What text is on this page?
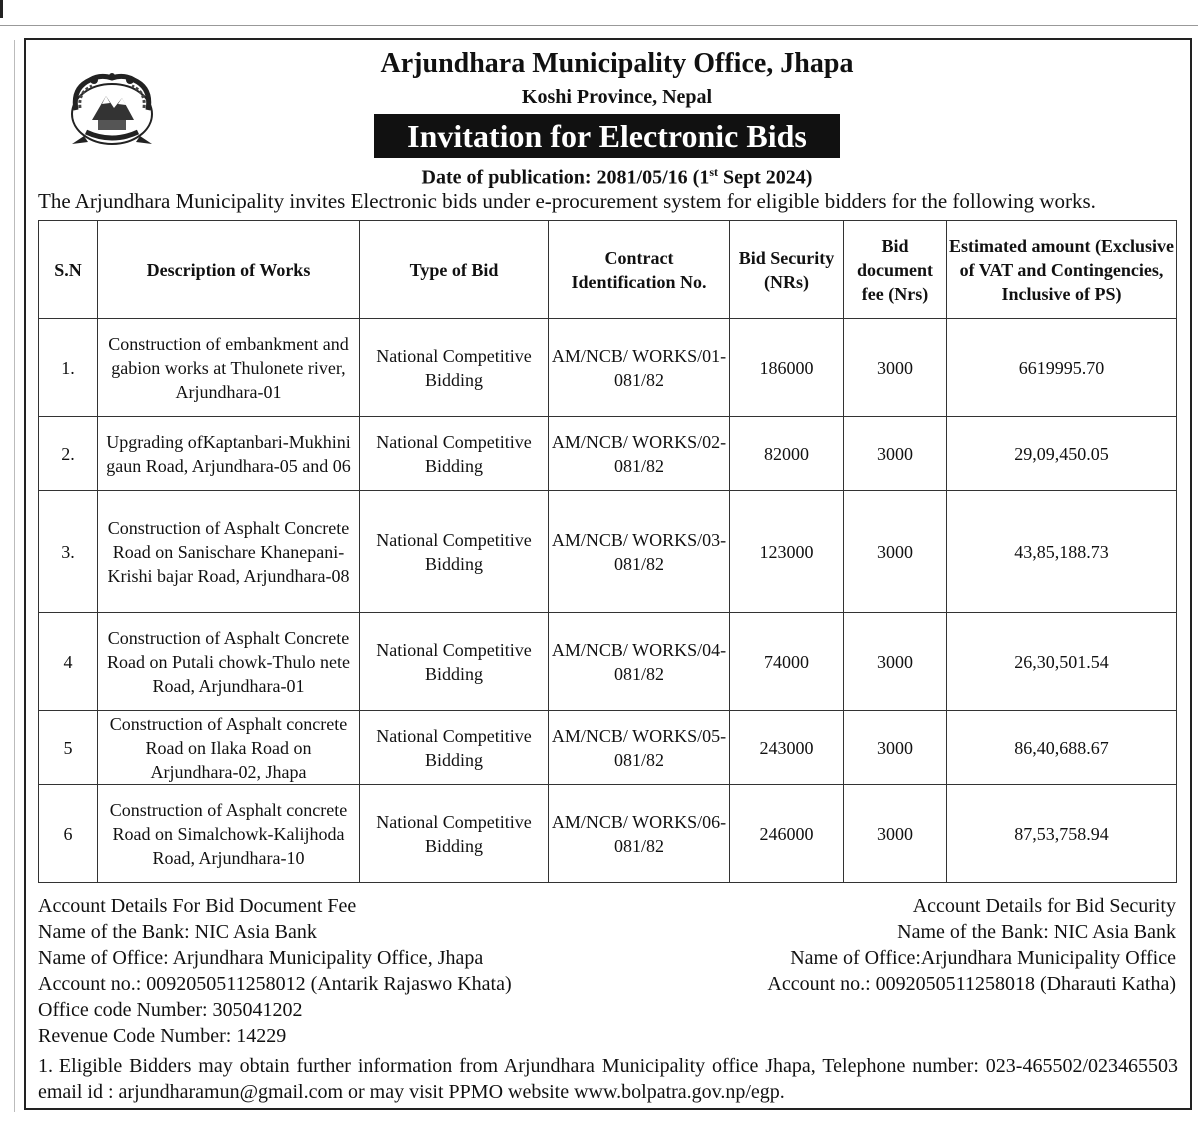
Arjundhara Municipality Office, Jhapa
Koshi Province, Nepal
Invitation for Electronic Bids
Date of publication: 2081/05/16 (1st Sept 2024)
The Arjundhara Municipality invites Electronic bids under e-procurement system for eligible bidders for the following works.
S.N	Description of Works	Type of Bid	Contract Identification No.	Bid Security (NRs)	Bid document fee (Nrs)	Estimated amount (Exclusive of VAT and Contingencies, Inclusive of PS)
1.	Construction of embankment and gabion works at Thulonete river, Arjundhara-01	National Competitive Bidding	AM/NCB/ WORKS/01-081/82	186000	3000	6619995.70
2.	Upgrading ofKaptanbari-Mukhini gaun Road, Arjundhara-05 and 06	National Competitive Bidding	AM/NCB/ WORKS/02-081/82	82000	3000	29,09,450.05
3.	Construction of Asphalt Concrete Road on Sanischare Khanepani-Krishi bajar Road, Arjundhara-08	National Competitive Bidding	AM/NCB/ WORKS/03-081/82	123000	3000	43,85,188.73
4	Construction of Asphalt Concrete Road on Putali chowk-Thulo nete Road, Arjundhara-01	National Competitive Bidding	AM/NCB/ WORKS/04-081/82	74000	3000	26,30,501.54
5	Construction of Asphalt concrete Road on Ilaka Road on Arjundhara-02, Jhapa	National Competitive Bidding	AM/NCB/ WORKS/05-081/82	243000	3000	86,40,688.67
6	Construction of Asphalt concrete Road on Simalchowk-Kalijhoda Road, Arjundhara-10	National Competitive Bidding	AM/NCB/ WORKS/06-081/82	246000	3000	87,53,758.94
Account Details For Bid Document Fee
Name of the Bank: NIC Asia Bank
Name of Office: Arjundhara Municipality Office, Jhapa
Account no.: 0092050511258012 (Antarik Rajaswo Khata)
Office code Number: 305041202
Revenue Code Number: 14229
Account Details for Bid Security
Name of the Bank: NIC Asia Bank
Name of Office:Arjundhara Municipality Office
Account no.: 0092050511258018 (Dharauti Katha)
1. Eligible Bidders may obtain further information from Arjundhara Municipality office Jhapa, Telephone number: 023-465502/023465503 email id : arjundharamun@gmail.com or may visit PPMO website www.bolpatra.gov.np/egp.
